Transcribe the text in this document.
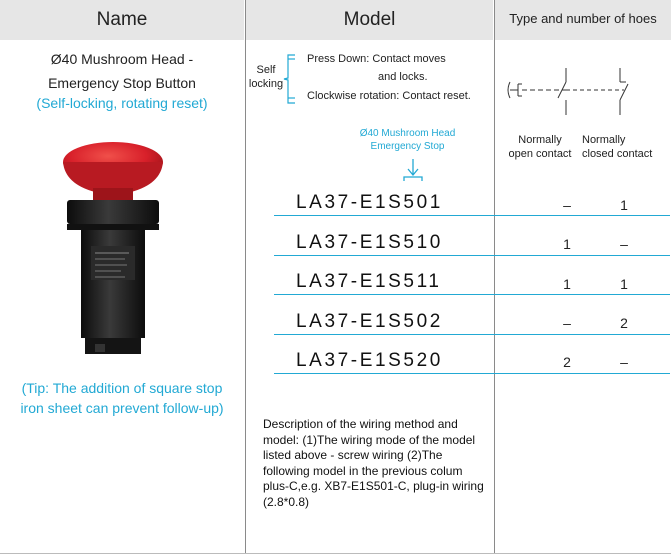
Name	Model	Type and number of hoes
Ø40 Mushroom Head -
Emergency Stop Button
(Self-locking, rotating reset)
(Tip: The addition of square stop
iron sheet can prevent follow-up)
Self
locking
Press Down: Contact moves
and locks.
Clockwise rotation: Contact reset.
Ø40 Mushroom Head
Emergency Stop
LA37-E1S501	–	1
LA37-E1S510	1	–
LA37-E1S511	1	1
LA37-E1S502	–	2
LA37-E1S520	2	–
Normally
open contact
Normally
closed contact
Description of the wiring method and model: (1)The wiring mode of the model listed above - screw wiring (2)The following model in the previous colum plus-C,e.g. XB7-E1S501-C, plug-in wiring (2.8*0.8)
